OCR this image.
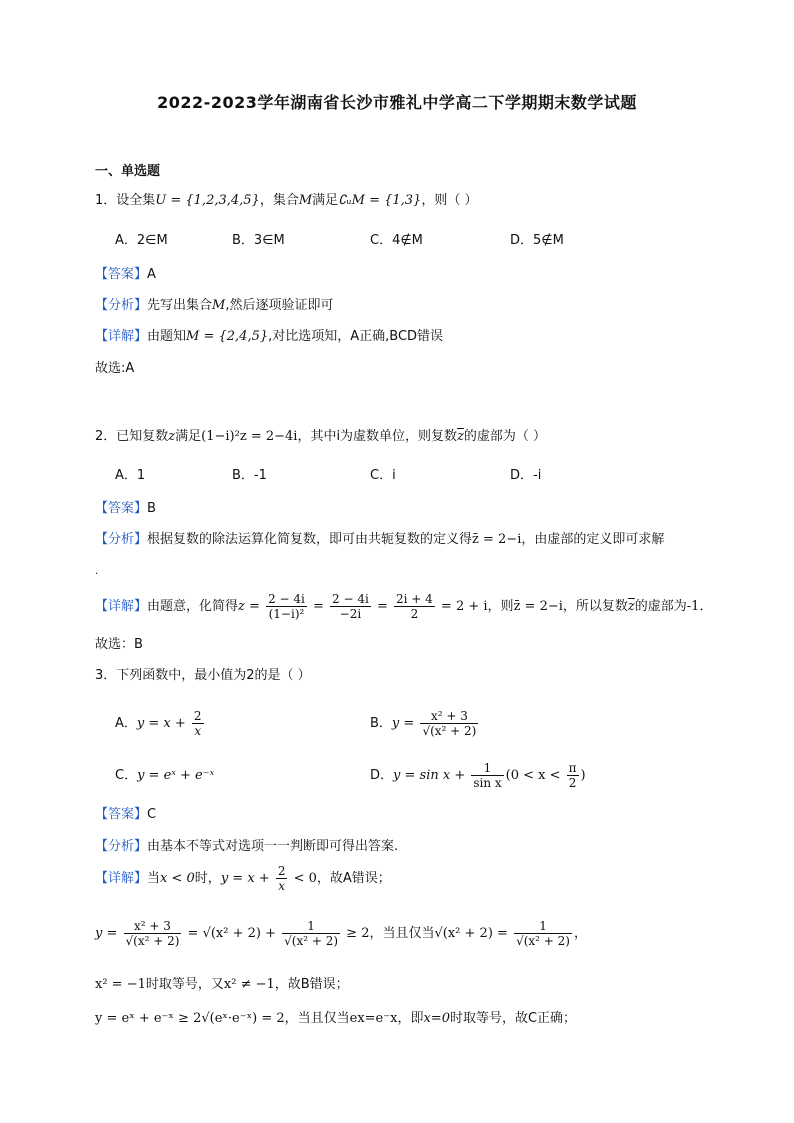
2022-2023学年湖南省长沙市雅礼中学高二下学期期末数学试题
一、单选题
1．设全集U = {1,2,3,4,5}，集合M满足∁ᵤM = {1,3}，则（ ）
A．2∈M	B．3∈M	C．4∉M	D．5∉M
【答案】A
【分析】先写出集合M,然后逐项验证即可
【详解】由题知M = {2,4,5},对比选项知，A正确,BCD错误
故选:A
2．已知复数z满足(1−i)²z = 2−4i，其中i为虚数单位，则复数$\overline{z}$的虚部为（ ）
A．1	B．-1	C．i	D．-i
【答案】B
【分析】根据复数的除法运算化简复数，即可由共轭复数的定义得z̄ = 2−i，由虚部的定义即可求解
.
【详解】由题意，化简得$z = \frac{2 - 4i}{\text{(1−i)²}} = \frac{2 - 4i}{-2i} = \frac{2i + 4}{2} = 2 + i$，则z̄ = 2−i，所以复数$\overline{z}$的虚部为-1．
故选：B
3．下列函数中，最小值为2的是（ ）
A．$y = x + \frac{2}{x}$	B．$y = \frac{\text{x² + 3}}{\text{√(x² + 2)}}$
C．y = eˣ + e⁻ˣ	D．$y = \sin x + \frac{1}{\text{sin x}} (0 < x < \frac{\pi}{2}$ )
【答案】C
【分析】由基本不等式对选项一一判断即可得出答案.
【详解】当x < 0时，$y = x + \frac{2}{x} < 0$，故A错误；
$y = \frac{\text{x² + 3}}{\text{√(x² + 2)}} = √(x^2 + 2) + \frac{1}{\text{√(x² + 2)}} \ge 2$，当且仅当$√(x^2 + 2) = \frac{1}{\text{√(x² + 2)}}$ ，
x² = −1时取等号，又x² ≠ −1，故B错误；
y = eˣ + e⁻ˣ ≥ 2√(eˣ·e⁻ˣ) = 2，当且仅当ex=e⁻x，即x=0时取等号，故C正确；
